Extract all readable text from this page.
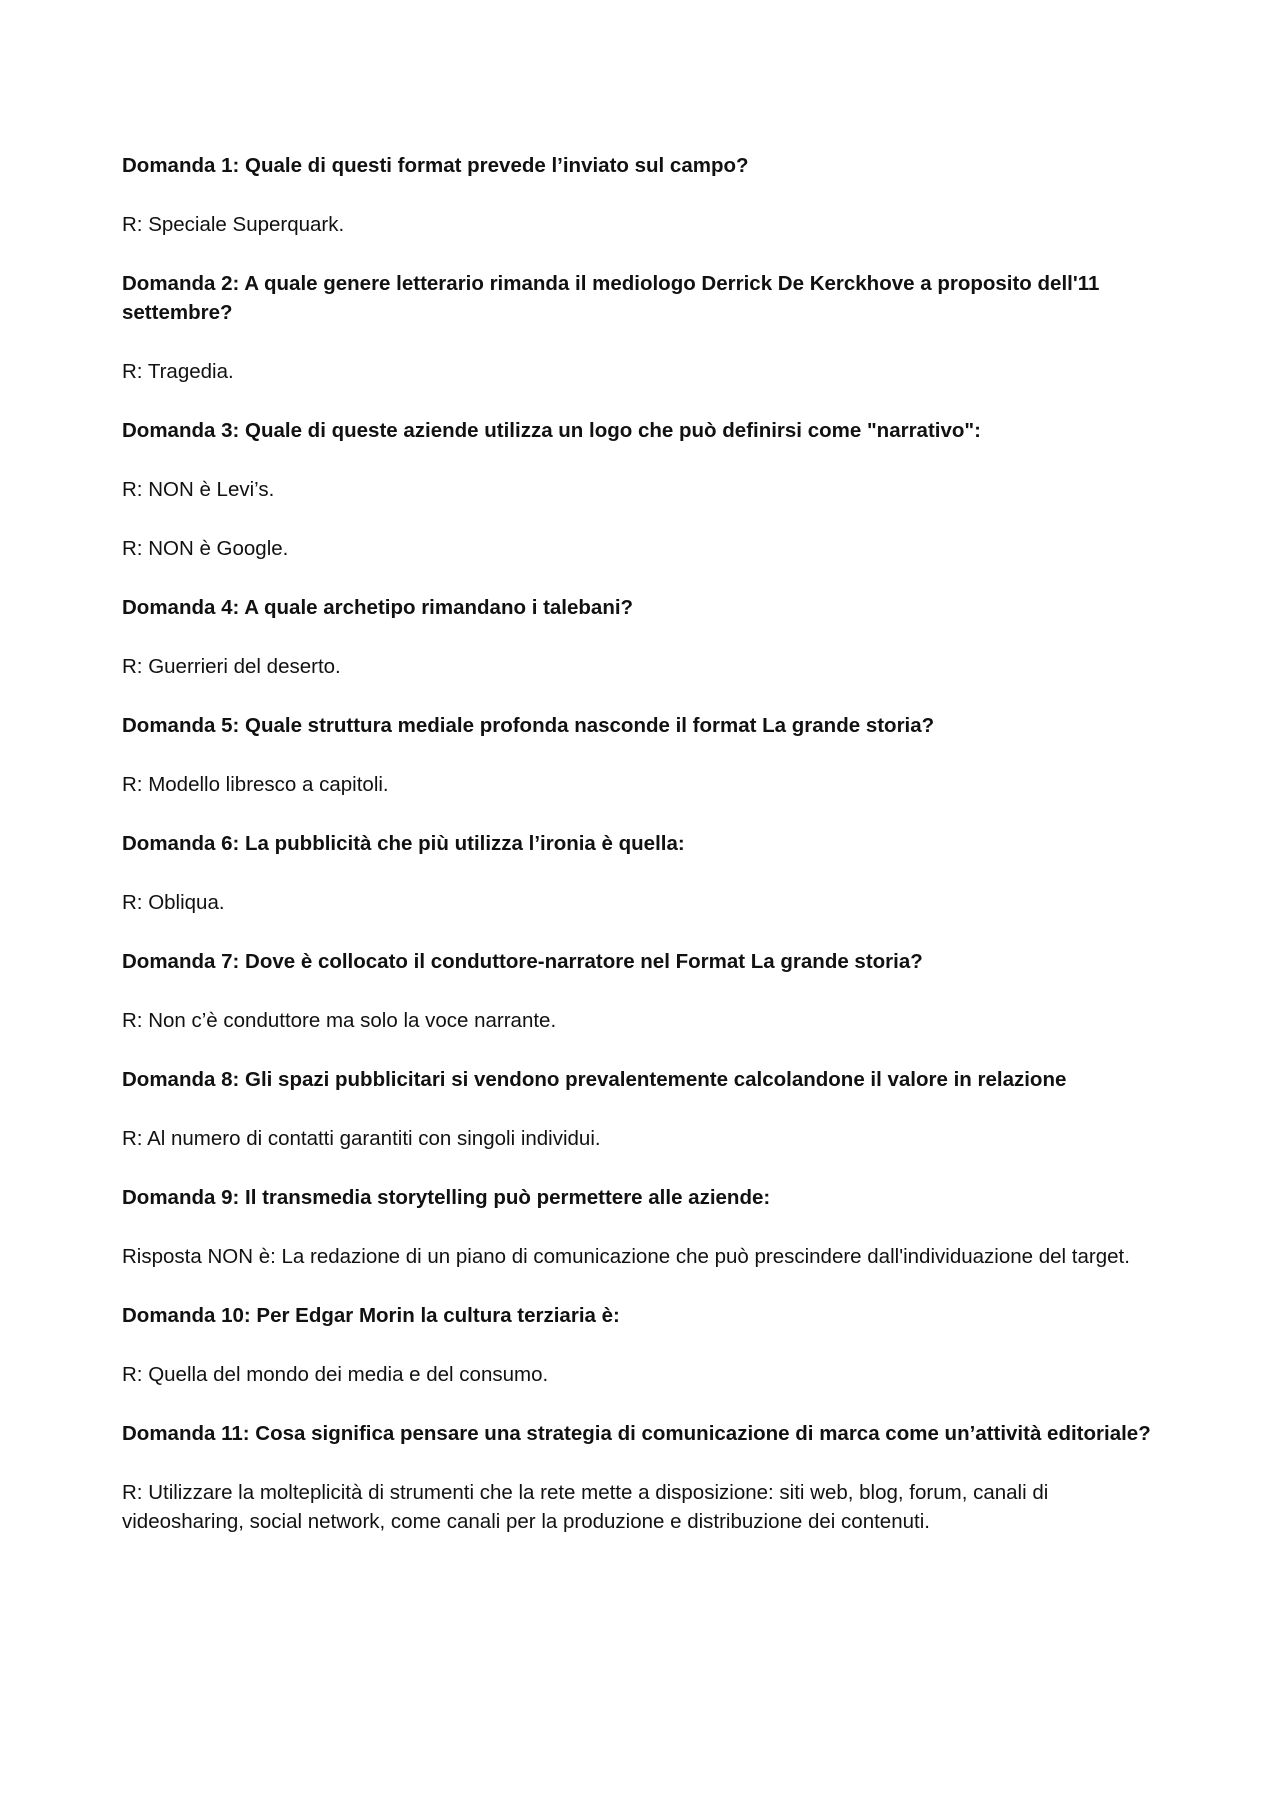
Domanda 1: Quale di questi format prevede l’inviato sul campo?

R: Speciale Superquark.

Domanda 2: A quale genere letterario rimanda il mediologo Derrick De Kerckhove a proposito dell'11 settembre?

R: Tragedia.

Domanda 3: Quale di queste aziende utilizza un logo che può definirsi come "narrativo":

R: NON è Levi’s.

R: NON è Google.

Domanda 4: A quale archetipo rimandano i talebani?

R: Guerrieri del deserto.

Domanda 5: Quale struttura mediale profonda nasconde il format La grande storia?

R: Modello libresco a capitoli.

Domanda 6: La pubblicità che più utilizza l’ironia è quella:

R: Obliqua.

Domanda 7: Dove è collocato il conduttore-narratore nel Format La grande storia?

R: Non c’è conduttore ma solo la voce narrante.

Domanda 8: Gli spazi pubblicitari si vendono prevalentemente calcolandone il valore in relazione

R: Al numero di contatti garantiti con singoli individui.

Domanda 9: Il transmedia storytelling può permettere alle aziende:

Risposta NON è: La redazione di un piano di comunicazione che può prescindere dall'individuazione del target.

Domanda 10: Per Edgar Morin la cultura terziaria è:

R: Quella del mondo dei media e del consumo.

Domanda 11: Cosa significa pensare una strategia di comunicazione di marca come un’attività editoriale?

R: Utilizzare la molteplicità di strumenti che la rete mette a disposizione: siti web, blog, forum, canali di videosharing, social network, come canali per la produzione e distribuzione dei contenuti.
